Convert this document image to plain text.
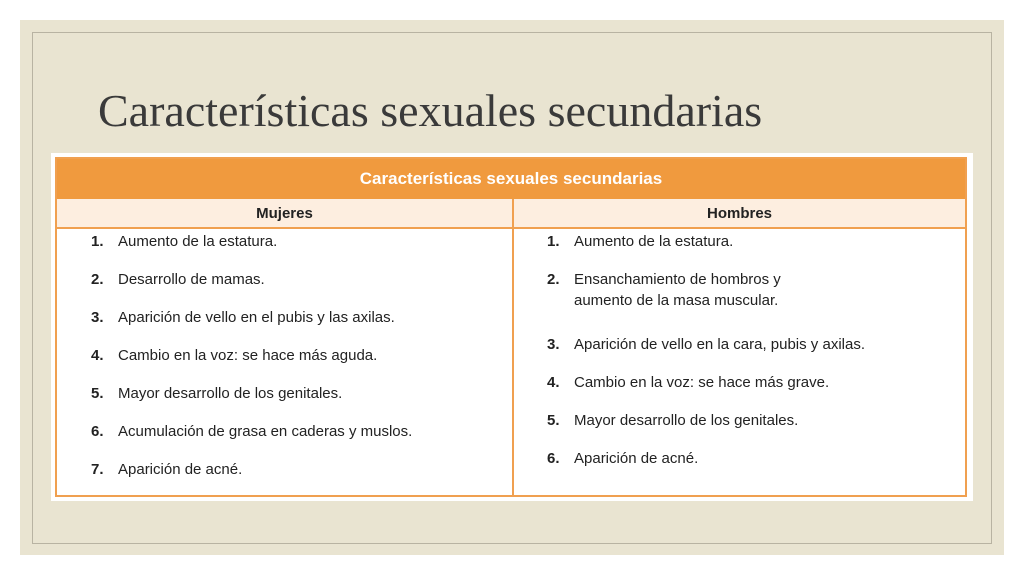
Características sexuales secundarias
Características sexuales secundarias
Mujeres	Hombres
1. Aumento de la estatura.
2. Desarrollo de mamas.
3. Aparición de vello en el pubis y las axilas.
4. Cambio en la voz: se hace más aguda.
5. Mayor desarrollo de los genitales.
6. Acumulación de grasa en caderas y muslos.
7. Aparición de acné.
1. Aumento de la estatura.
2. Ensanchamiento de hombros y
aumento de la masa muscular.
3. Aparición de vello en la cara, pubis y axilas.
4. Cambio en la voz: se hace más grave.
5. Mayor desarrollo de los genitales.
6. Aparición de acné.
